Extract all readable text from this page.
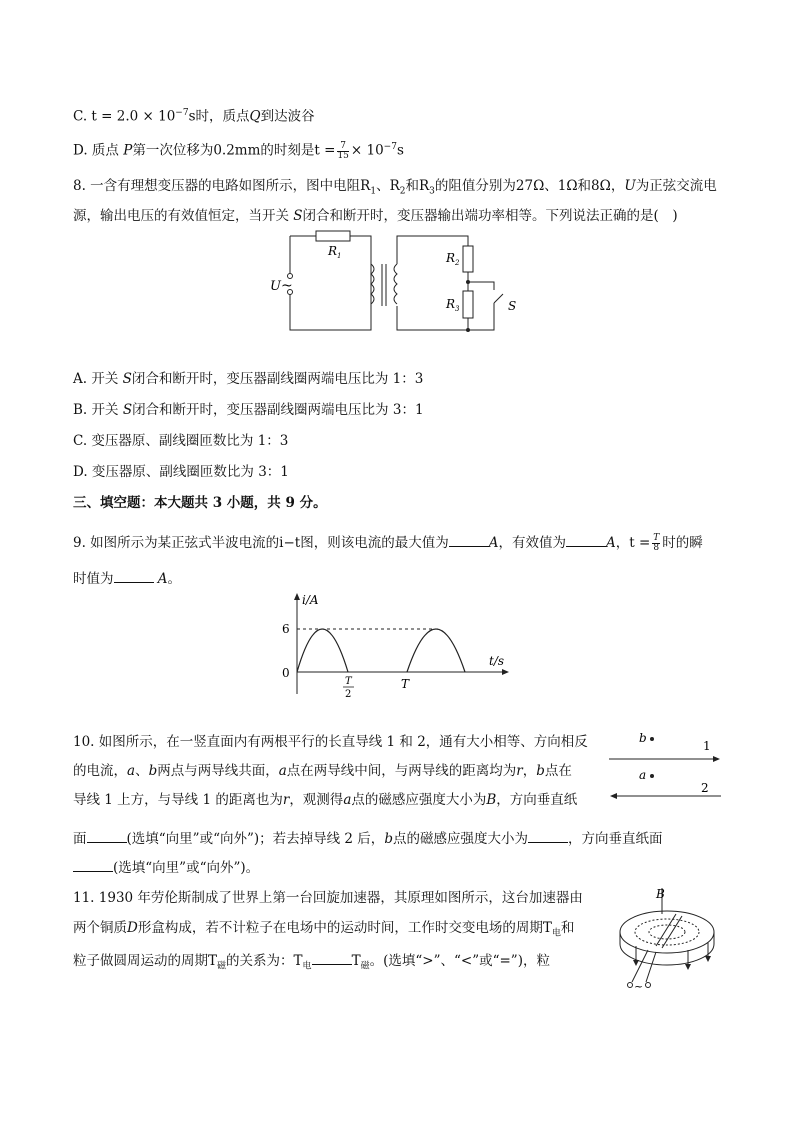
C. $t = 2.0 \times 10^{-7}s$时，质点Q到达波谷
D. 质点 P第一次位移为0.2mm的时刻是$t = \frac{7}{15} \times 10^{-7}s$
8. 一含有理想变压器的电路如图所示，图中电阻$R_1$、$R_2$和$R_3$的阻值分别为27Ω、1Ω和8Ω，U为正弦交流电
源，输出电压的有效值恒定，当开关 S闭合和断开时，变压器输出端功率相等。下列说法正确的是(　)
$R_1$	$R_2$
$R_3$
U ~
S
A. 开关 S闭合和断开时，变压器副线圈两端电压比为 1：3
B. 开关 S闭合和断开时，变压器副线圈两端电压比为 3：1
C. 变压器原、副线圈匝数比为 1：3
D. 变压器原、副线圈匝数比为 3：1
三、填空题：本大题共 3 小题，共 9 分。
9. 如图所示为某正弦式半波电流的i−t图，则该电流的最大值为	A，有效值为	A，$t = \frac{T}{8}$ 时的瞬
时值为	A。
i/A
t/s
6
0
T
2
T
10. 如图所示，在一竖直面内有两根平行的长直导线 1 和 2，通有大小相等、方向相反
的电流，a、b两点与两导线共面，a点在两导线中间，与两导线的距离均为r，b点在
导线 1 上方，与导线 1 的距离也为r，观测得a点的磁感应强度大小为B，方向垂直纸
面	(选填“向里”或“向外”)；若去掉导线 2 后，b点的磁感应强度大小为	，方向垂直纸面
(选填“向里”或“向外”)。
b
a
1
2
11. 1930 年劳伦斯制成了世界上第一台回旋加速器，其原理如图所示，这台加速器由
两个铜质D形盒构成，若不计粒子在电场中的运动时间，工作时交变电场的周期$T_电$和
粒子做圆周运动的周期$T_磁$的关系为：$T_电$	$T_磁$。(选填“>”、“<”或“=”)，粒
B
~
